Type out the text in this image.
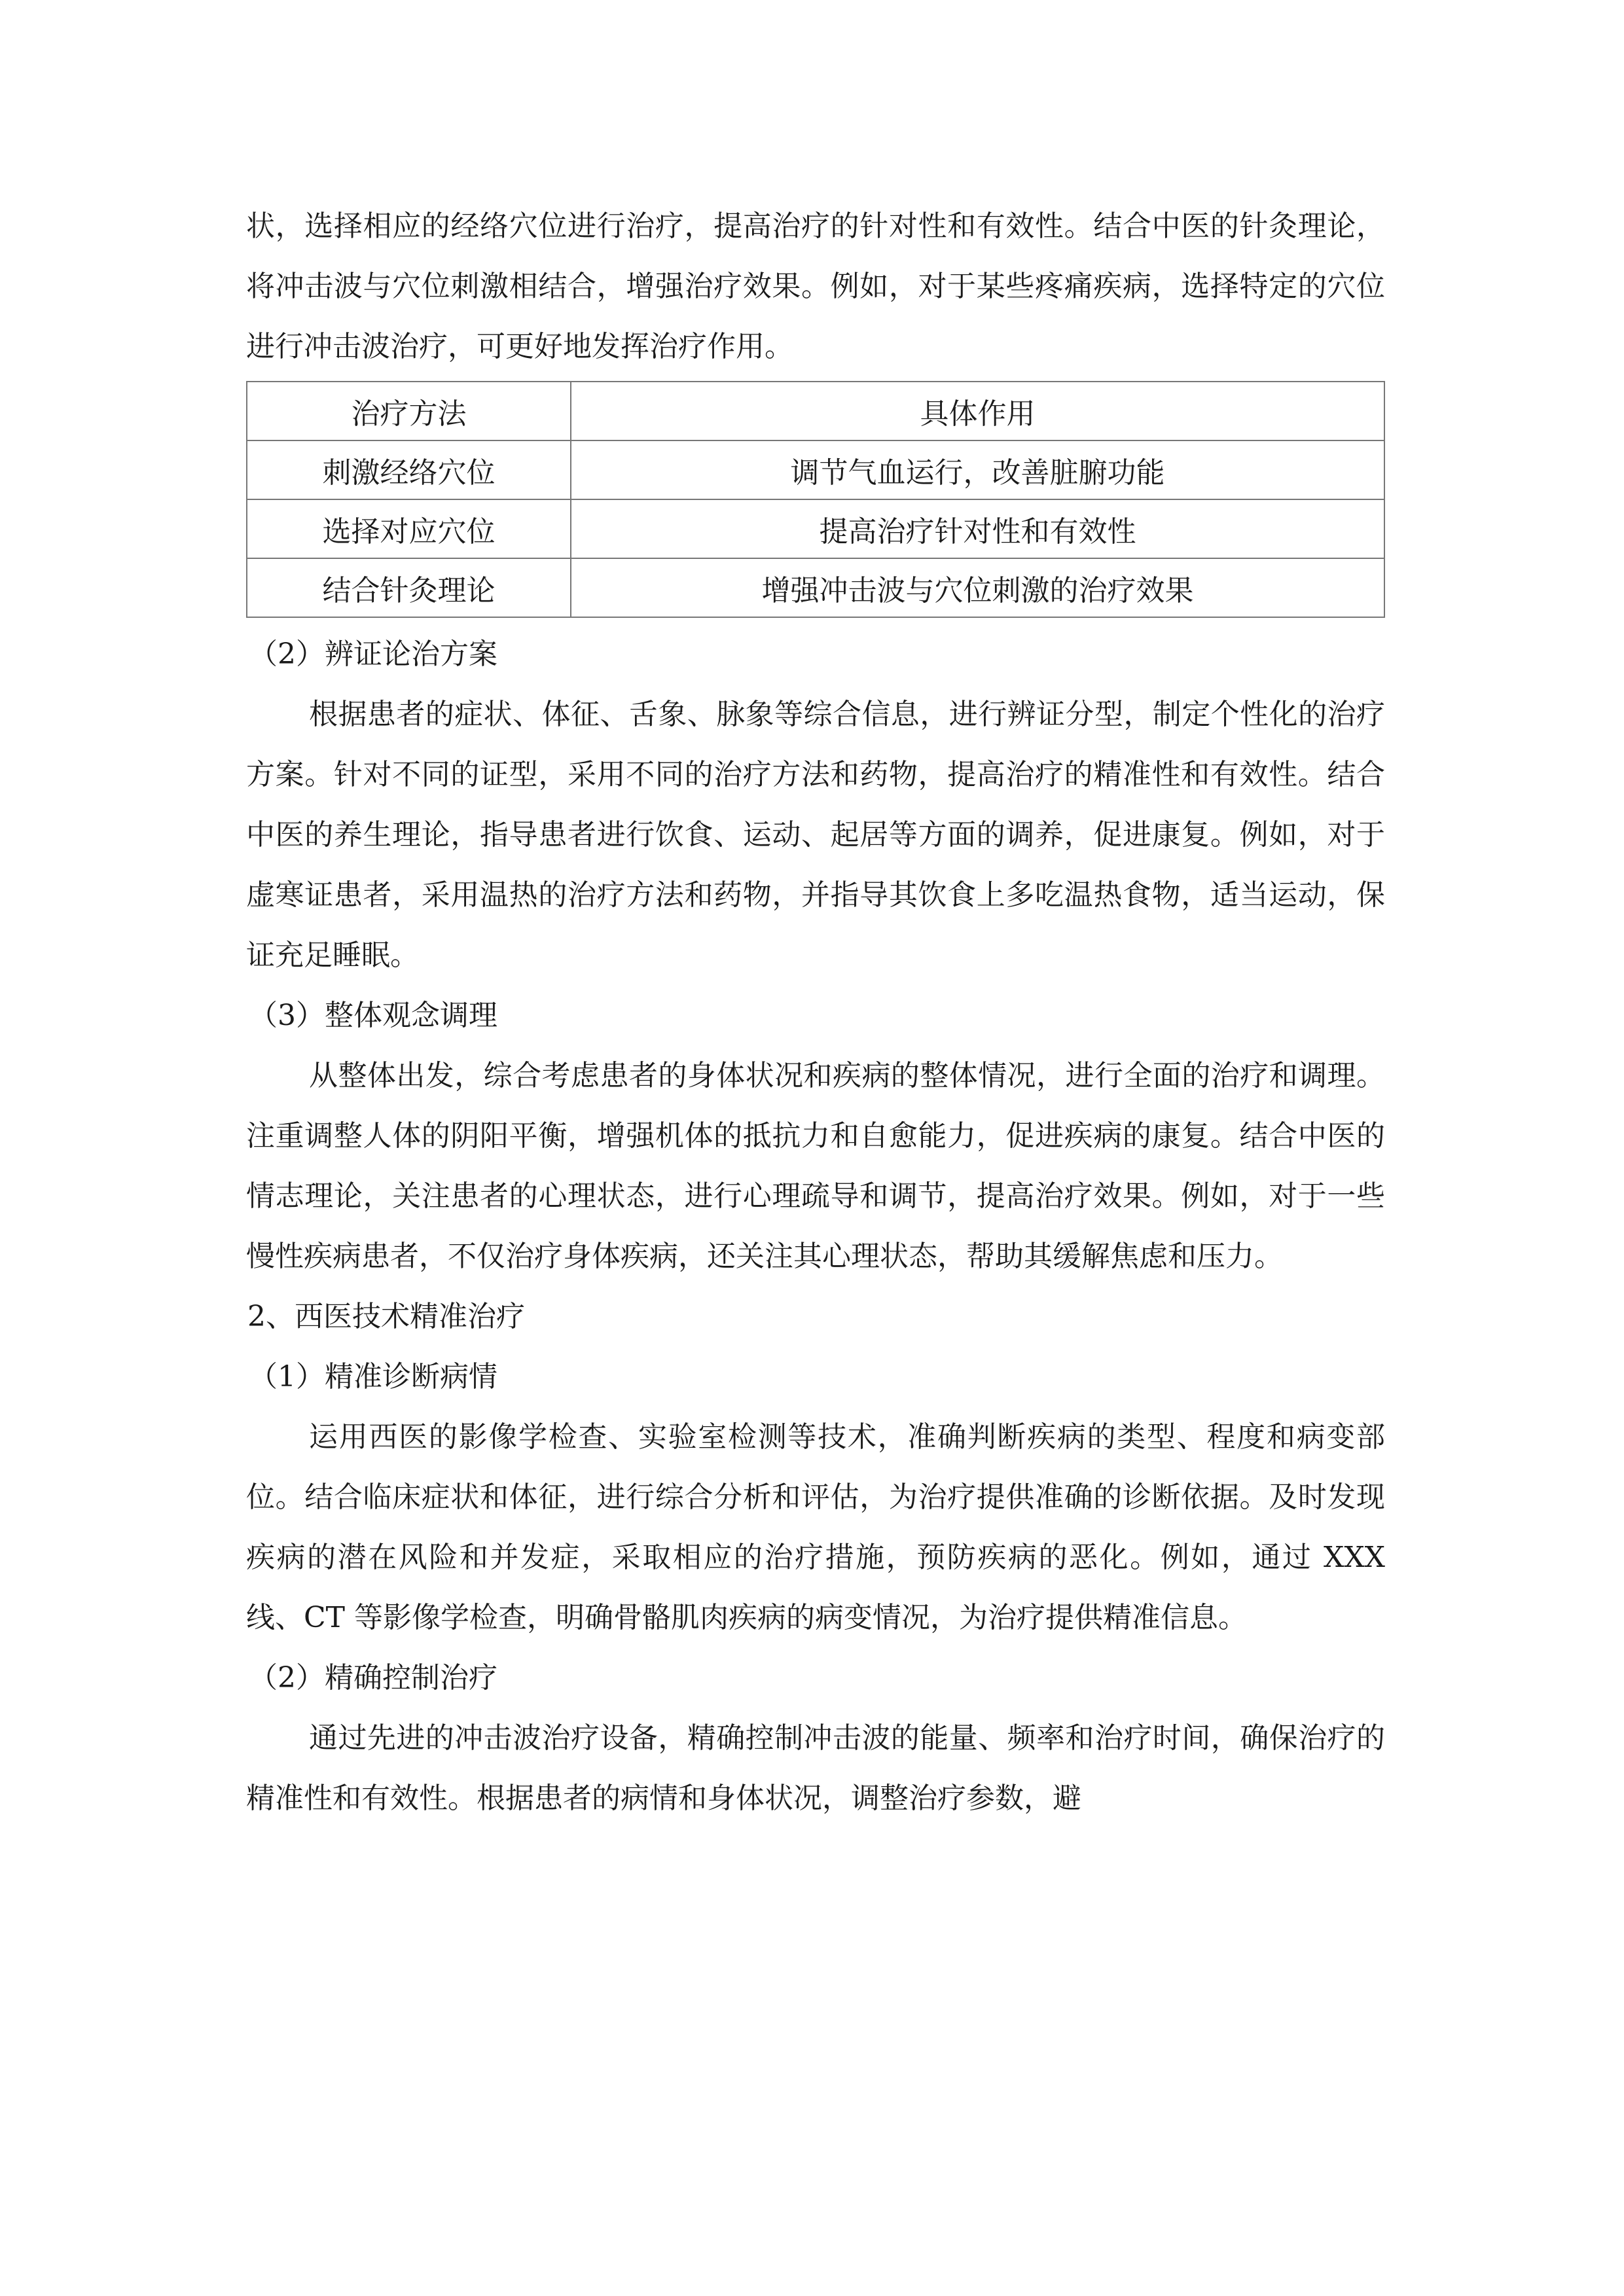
状，选择相应的经络穴位进行治疗，提高治疗的针对性和有效性。结合中医的针灸理论，将冲击波与穴位刺激相结合，增强治疗效果。例如，对于某些疼痛疾病，选择特定的穴位进行冲击波治疗，可更好地发挥治疗作用。

治疗方法	具体作用
刺激经络穴位	调节气血运行，改善脏腑功能
选择对应穴位	提高治疗针对性和有效性
结合针灸理论	增强冲击波与穴位刺激的治疗效果

（2）辨证论治方案

根据患者的症状、体征、舌象、脉象等综合信息，进行辨证分型，制定个性化的治疗方案。针对不同的证型，采用不同的治疗方法和药物，提高治疗的精准性和有效性。结合中医的养生理论，指导患者进行饮食、运动、起居等方面的调养，促进康复。例如，对于虚寒证患者，采用温热的治疗方法和药物，并指导其饮食上多吃温热食物，适当运动，保证充足睡眠。

（3）整体观念调理

从整体出发，综合考虑患者的身体状况和疾病的整体情况，进行全面的治疗和调理。注重调整人体的阴阳平衡，增强机体的抵抗力和自愈能力，促进疾病的康复。结合中医的情志理论，关注患者的心理状态，进行心理疏导和调节，提高治疗效果。例如，对于一些慢性疾病患者，不仅治疗身体疾病，还关注其心理状态，帮助其缓解焦虑和压力。

2、西医技术精准治疗

（1）精准诊断病情

运用西医的影像学检查、实验室检测等技术，准确判断疾病的类型、程度和病变部位。结合临床症状和体征，进行综合分析和评估，为治疗提供准确的诊断依据。及时发现疾病的潜在风险和并发症，采取相应的治疗措施，预防疾病的恶化。例如，通过 XXX 线、CT 等影像学检查，明确骨骼肌肉疾病的病变情况，为治疗提供精准信息。

（2）精确控制治疗

通过先进的冲击波治疗设备，精确控制冲击波的能量、频率和治疗时间，确保治疗的精准性和有效性。根据患者的病情和身体状况，调整治疗参数，避
